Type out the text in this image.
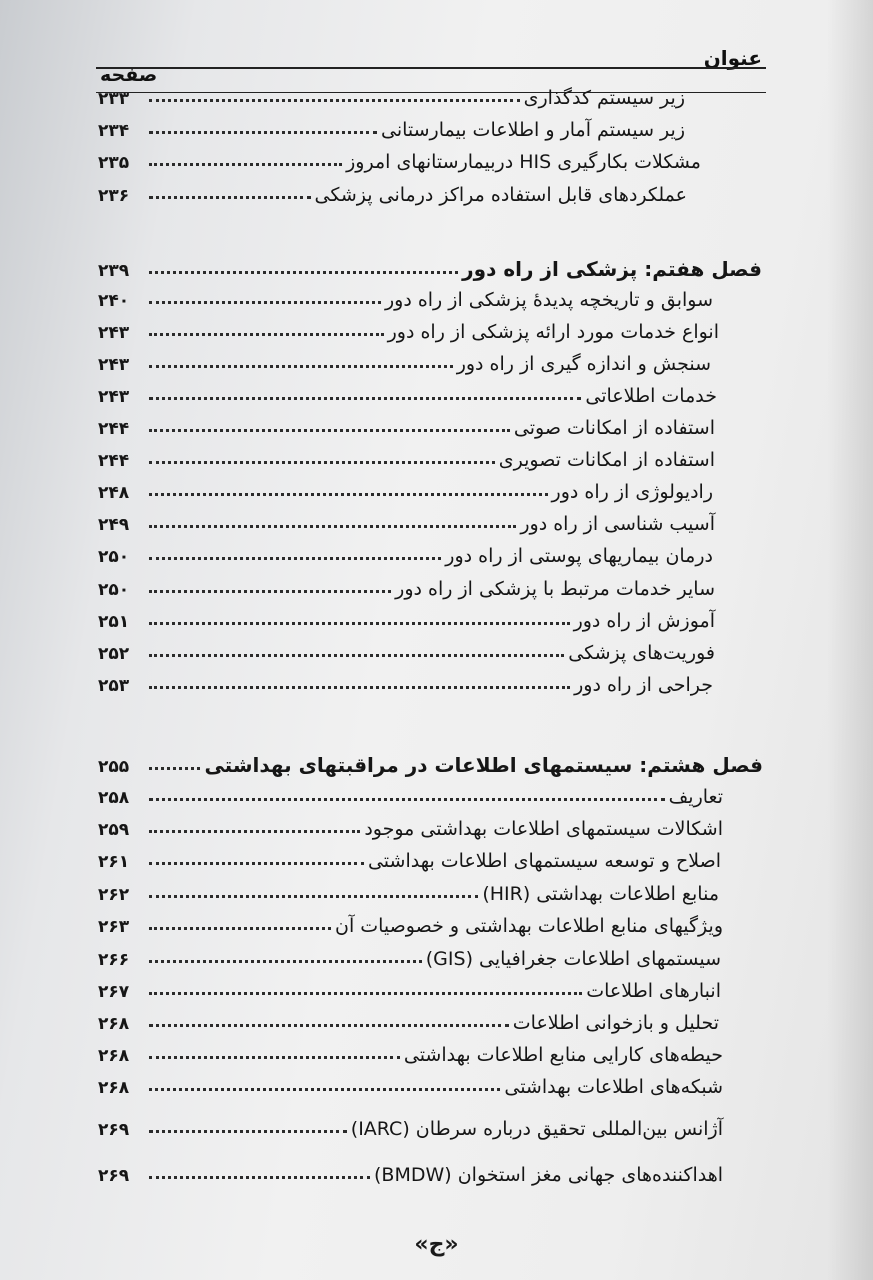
عنوان
صفحه
زیر سیستم کدگذاری
۲۳۳
زیر سیستم آمار و اطلاعات بیمارستانی
۲۳۴
مشکلات بکارگیری HIS دربیمارستانهای امروز
۲۳۵
عملکردهای قابل استفاده مراکز درمانی پزشکی
۲۳۶
فصل هفتم: پزشکی از راه دور
۲۳۹
سوابق و تاریخچه پدیدهٔ پزشکی از راه دور
۲۴۰
انواع خدمات مورد ارائه پزشکی از راه دور
۲۴۳
سنجش و اندازه گیری از راه دور
۲۴۳
خدمات اطلاعاتی
۲۴۳
استفاده از امکانات صوتی
۲۴۴
استفاده از امکانات تصویری
۲۴۴
رادیولوژی از راه دور
۲۴۸
آسیب شناسی از راه دور
۲۴۹
درمان بیماریهای پوستی از راه دور
۲۵۰
سایر خدمات مرتبط با پزشکی از راه دور
۲۵۰
آموزش از راه دور
۲۵۱
فوریت‌های پزشکی
۲۵۲
جراحی از راه دور
۲۵۳
فصل هشتم: سیستمهای اطلاعات در مراقبتهای بهداشتی
۲۵۵
تعاریف
۲۵۸
اشکالات سیستمهای اطلاعات بهداشتی موجود
۲۵۹
اصلاح و توسعه سیستمهای اطلاعات بهداشتی
۲۶۱
منابع اطلاعات بهداشتی (HIR)
۲۶۲
ویژگیهای منابع اطلاعات بهداشتی و خصوصیات آن
۲۶۳
سیستمهای اطلاعات جغرافیایی (GIS)
۲۶۶
انبارهای اطلاعات
۲۶۷
تحلیل و بازخوانی اطلاعات
۲۶۸
حیطه‌های کارایی منابع اطلاعات بهداشتی
۲۶۸
شبکه‌های اطلاعات بهداشتی
۲۶۸
آژانس بین‌المللی تحقیق درباره سرطان (IARC)
۲۶۹
اهداکننده‌های جهانی مغز استخوان (BMDW)
۲۶۹
«ج»
